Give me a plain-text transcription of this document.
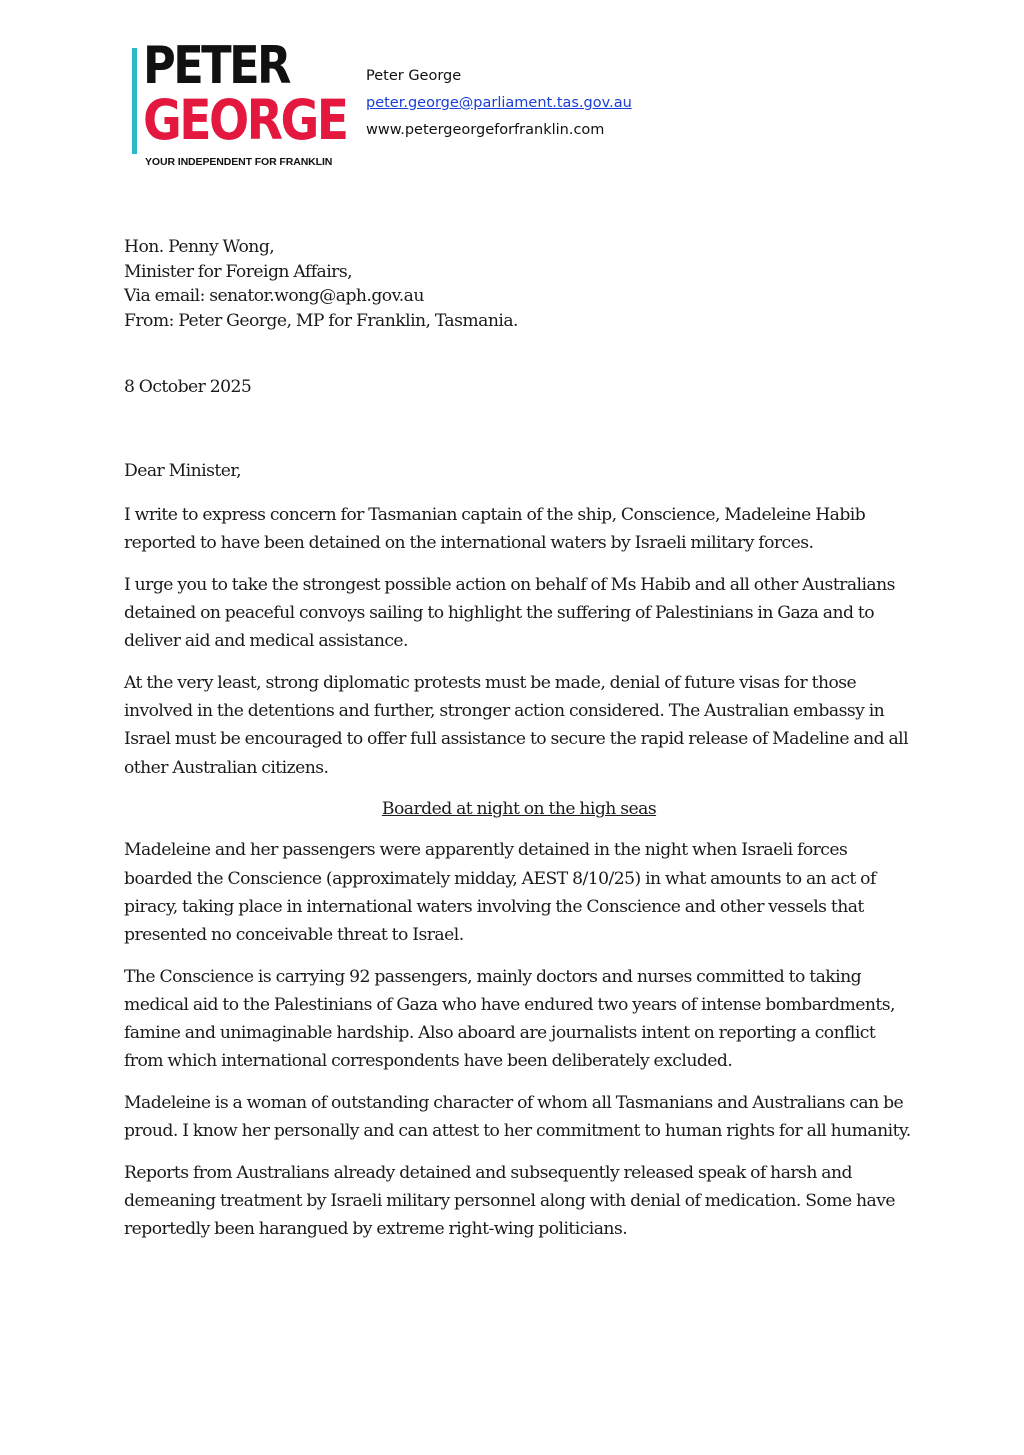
PETER
GEORGE
YOUR INDEPENDENT FOR FRANKLIN
Peter George
peter.george@parliament.tas.gov.au
www.petergeorgeforfranklin.com

Hon. Penny Wong,

Minister for Foreign Affairs,

Via email: senator.wong@aph.gov.au

From: Peter George, MP for Franklin, Tasmania.

8 October 2025

Dear Minister,

I write to express concern for Tasmanian captain of the ship, Conscience, Madeleine Habib reported to have been detained on the international waters by Israeli military forces.

I urge you to take the strongest possible action on behalf of Ms Habib and all other Australians detained on peaceful convoys sailing to highlight the suffering of Palestinians in Gaza and to deliver aid and medical assistance.

At the very least, strong diplomatic protests must be made, denial of future visas for those involved in the detentions and further, stronger action considered. The Australian embassy in Israel must be encouraged to offer full assistance to secure the rapid release of Madeline and all other Australian citizens.

Boarded at night on the high seas

Madeleine and her passengers were apparently detained in the night when Israeli forces boarded the Conscience (approximately midday, AEST 8/10/25) in what amounts to an act of piracy, taking place in international waters involving the Conscience and other vessels that presented no conceivable threat to Israel.

The Conscience is carrying 92 passengers, mainly doctors and nurses committed to taking medical aid to the Palestinians of Gaza who have endured two years of intense bombardments, famine and unimaginable hardship. Also aboard are journalists intent on reporting a conflict from which international correspondents have been deliberately excluded.

Madeleine is a woman of outstanding character of whom all Tasmanians and Australians can be proud. I know her personally and can attest to her commitment to human rights for all humanity.

Reports from Australians already detained and subsequently released speak of harsh and demeaning treatment by Israeli military personnel along with denial of medication. Some have reportedly been harangued by extreme right-wing politicians.
